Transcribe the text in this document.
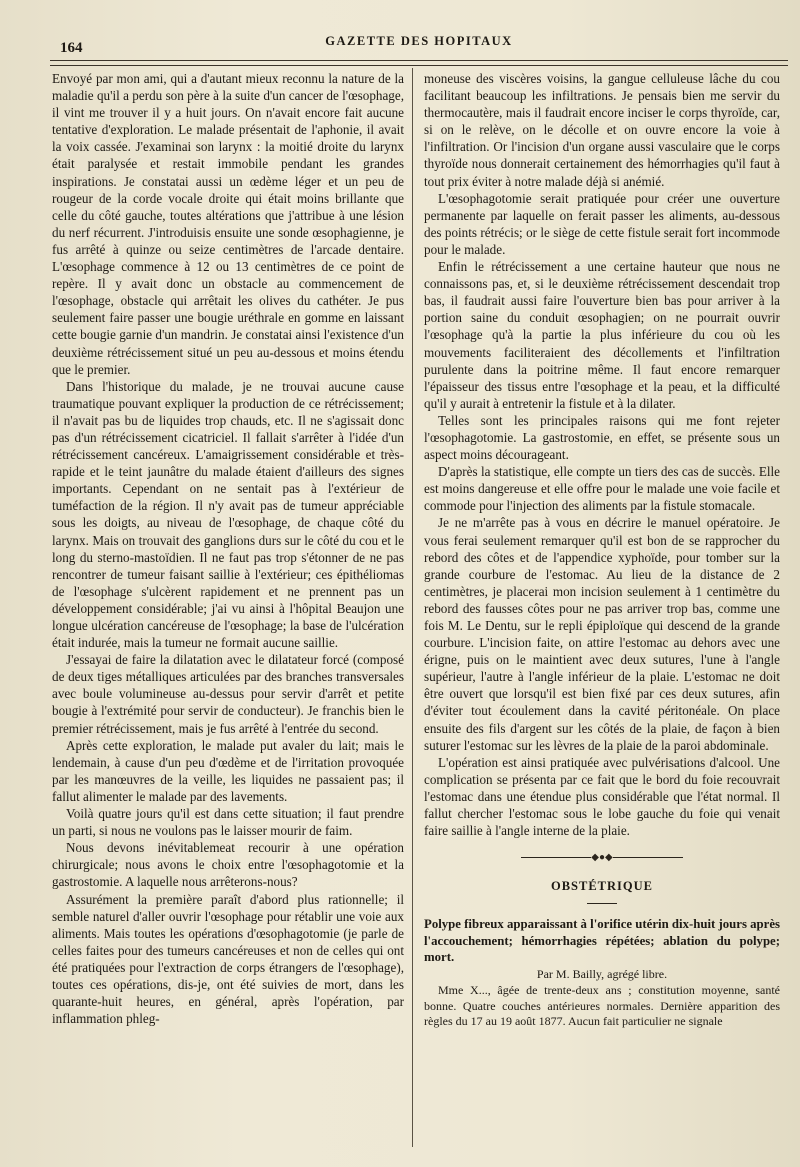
164	GAZETTE DES HOPITAUX

Envoyé par mon ami, qui a d'autant mieux reconnu la nature de la maladie qu'il a perdu son père à la suite d'un cancer de l'œsophage, il vint me trouver il y a huit jours. On n'avait encore fait aucune tentative d'exploration. Le malade présentait de l'aphonie, il avait la voix cassée. J'examinai son larynx : la moitié droite du larynx était paralysée et restait immobile pendant les grandes inspirations. Je constatai aussi un œdème léger et un peu de rougeur de la corde vocale droite qui était moins brillante que celle du côté gauche, toutes altérations que j'attribue à une lésion du nerf récurrent. J'introduisis ensuite une sonde œsophagienne, je fus arrêté à quinze ou seize centimètres de l'arcade dentaire. L'œsophage commence à 12 ou 13 centimètres de ce point de repère. Il y avait donc un obstacle au commencement de l'œsophage, obstacle qui arrêtait les olives du cathéter. Je pus seulement faire passer une bougie uréthrale en gomme en laissant cette bougie garnie d'un mandrin. Je constatai ainsi l'existence d'un deuxième rétrécissement situé un peu au-dessous et moins étendu que le premier.

Dans l'historique du malade, je ne trouvai aucune cause traumatique pouvant expliquer la production de ce rétrécissement; il n'avait pas bu de liquides trop chauds, etc. Il ne s'agissait donc pas d'un rétrécissement cicatriciel. Il fallait s'arrêter à l'idée d'un rétrécissement cancéreux. L'amaigrissement considérable et très-rapide et le teint jaunâtre du malade étaient d'ailleurs des signes importants. Cependant on ne sentait pas à l'extérieur de tuméfaction de la région. Il n'y avait pas de tumeur appréciable sous les doigts, au niveau de l'œsophage, de chaque côté du larynx. Mais on trouvait des ganglions durs sur le côté du cou et le long du sterno-mastoïdien. Il ne faut pas trop s'étonner de ne pas rencontrer de tumeur faisant saillie à l'extérieur; ces épithéliomas de l'œsophage s'ulcèrent rapidement et ne prennent pas un développement considérable; j'ai vu ainsi à l'hôpital Beaujon une longue ulcération cancéreuse de l'œsophage; la base de l'ulcération était indurée, mais la tumeur ne formait aucune saillie.

J'essayai de faire la dilatation avec le dilatateur forcé (composé de deux tiges métalliques articulées par des branches transversales avec boule volumineuse au-dessus pour servir d'arrêt et petite bougie à l'extrémité pour servir de conducteur). Je franchis bien le premier rétrécissement, mais je fus arrêté à l'entrée du second.

Après cette exploration, le malade put avaler du lait; mais le lendemain, à cause d'un peu d'œdème et de l'irritation provoquée par les manœuvres de la veille, les liquides ne passaient pas; il fallut alimenter le malade par des lavements.

Voilà quatre jours qu'il est dans cette situation; il faut prendre un parti, si nous ne voulons pas le laisser mourir de faim.

Nous devons inévitablemeat recourir à une opération chirurgicale; nous avons le choix entre l'œsophagotomie et la gastrostomie. A laquelle nous arrêterons-nous?

Assurément la première paraît d'abord plus rationnelle; il semble naturel d'aller ouvrir l'œsophage pour rétablir une voie aux aliments. Mais toutes les opérations d'œsophagotomie (je parle de celles faites pour des tumeurs cancéreuses et non de celles qui ont été pratiquées pour l'extraction de corps étrangers de l'œsophage), toutes ces opérations, dis-je, ont été suivies de mort, dans les quarante-huit heures, en général, après l'opération, par inflammation phleg-

moneuse des viscères voisins, la gangue celluleuse lâche du cou facilitant beaucoup les infiltrations. Je pensais bien me servir du thermocautère, mais il faudrait encore inciser le corps thyroïde, car, si on le relève, on le décolle et on ouvre encore la voie à l'infiltration. Or l'incision d'un organe aussi vasculaire que le corps thyroïde nous donnerait certainement des hémorrhagies qu'il faut à tout prix éviter à notre malade déjà si anémié.

L'œsophagotomie serait pratiquée pour créer une ouverture permanente par laquelle on ferait passer les aliments, au-dessous des points rétrécis; or le siège de cette fistule serait fort incommode pour le malade.

Enfin le rétrécissement a une certaine hauteur que nous ne connaissons pas, et, si le deuxième rétrécissement descendait trop bas, il faudrait aussi faire l'ouverture bien bas pour arriver à la portion saine du conduit œsophagien; on ne pourrait ouvrir l'œsophage qu'à la partie la plus inférieure du cou où les mouvements faciliteraient des décollements et l'infiltration purulente dans la poitrine même. Il faut encore remarquer l'épaisseur des tissus entre l'œsophage et la peau, et la difficulté qu'il y aurait à entretenir la fistule et à la dilater.

Telles sont les principales raisons qui me font rejeter l'œsophagotomie. La gastrostomie, en effet, se présente sous un aspect moins décourageant.

D'après la statistique, elle compte un tiers des cas de succès. Elle est moins dangereuse et elle offre pour le malade une voie facile et commode pour l'injection des aliments par la fistule stomacale.

Je ne m'arrête pas à vous en décrire le manuel opératoire. Je vous ferai seulement remarquer qu'il est bon de se rapprocher du rebord des côtes et de l'appendice xyphoïde, pour tomber sur la grande courbure de l'estomac. Au lieu de la distance de 2 centimètres, je placerai mon incision seulement à 1 centimètre du rebord des fausses côtes pour ne pas arriver trop bas, comme une fois M. Le Dentu, sur le repli épiploïque qui descend de la grande courbure. L'incision faite, on attire l'estomac au dehors avec une érigne, puis on le maintient avec deux sutures, l'une à l'angle supérieur, l'autre à l'angle inférieur de la plaie. L'estomac ne doit être ouvert que lorsqu'il est bien fixé par ces deux sutures, afin d'éviter tout écoulement dans la cavité péritonéale. On place ensuite des fils d'argent sur les côtés de la plaie, de façon à bien suturer l'estomac sur les lèvres de la plaie de la paroi abdominale.

L'opération est ainsi pratiquée avec pulvérisations d'alcool. Une complication se présenta par ce fait que le bord du foie recouvrait l'estomac dans une étendue plus considérable que l'état normal. Il fallut chercher l'estomac sous le lobe gauche du foie qui venait faire saillie à l'angle interne de la plaie.

◆●◆
OBSTÉTRIQUE

Polype fibreux apparaissant à l'orifice utérin dix-huit jours après l'accouchement; hémorrhagies répétées; ablation du polype; mort.

Par M. Bailly, agrégé libre.

Mme X..., âgée de trente-deux ans ; constitution moyenne, santé bonne. Quatre couches antérieures normales. Dernière apparition des règles du 17 au 19 août 1877. Aucun fait particulier ne signale
